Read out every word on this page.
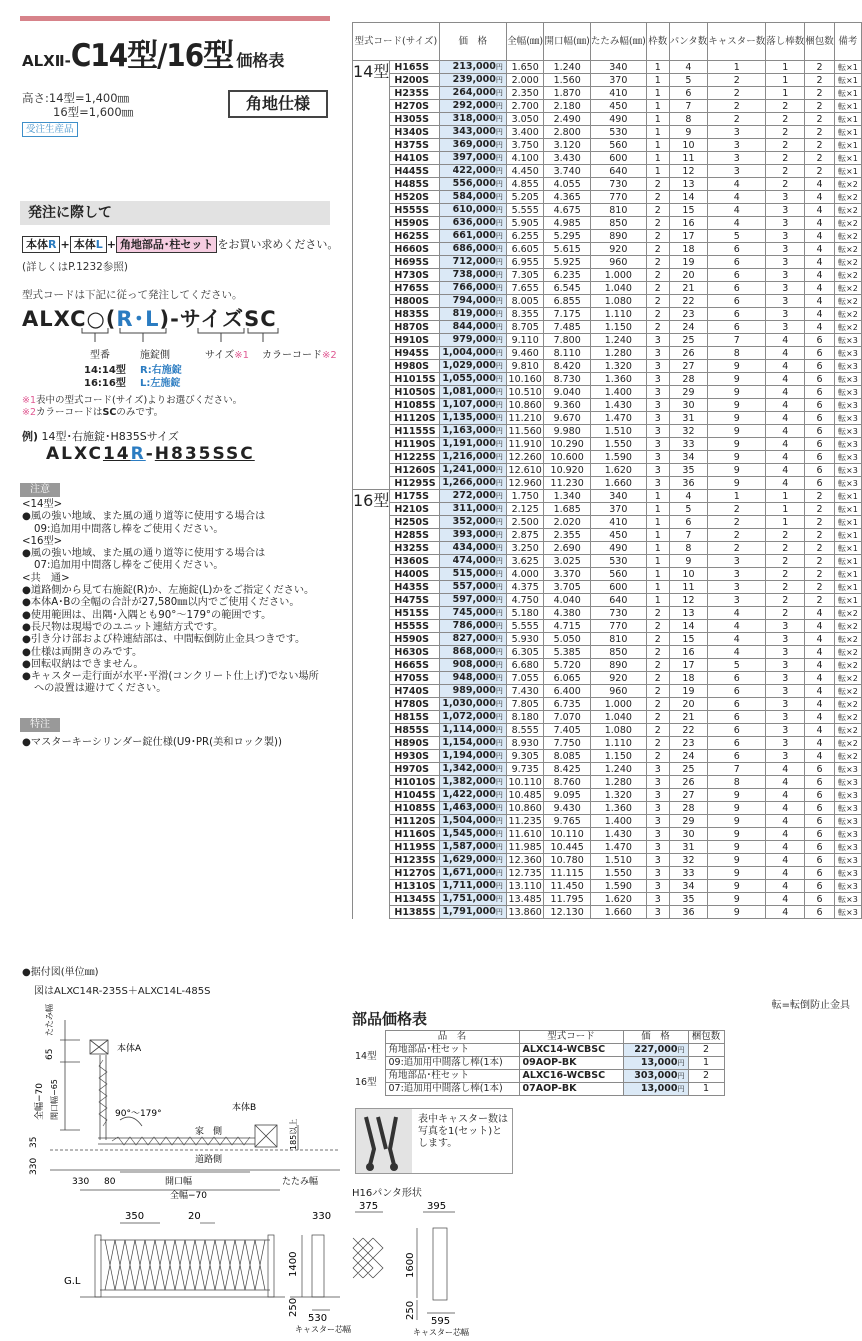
ALXⅡ-C14型/16型 価格表
高さ:14型=1,400㎜
16型=1,600㎜	角地仕様
受注生産品
発注に際して
本体R + 本体L + 角地部品･柱セット をお買い求めください。
(詳しくはP.1232参照)
型式コードは下記に従って発注してください。
ALXC○(R･L)-サイズSC
型番	施錠側	サイズ※1 カラーコード※2
14:14型
16:16型
R:右施錠
L:左施錠
※1表中の型式コード(サイズ)よりお選びください。
※2カラーコードはSCのみです。
例) 14型･右施錠･H835Sサイズ
ALXC14R-H835SSC
注意
<14型>
●風の強い地域、また風の通り道等に使用する場合は
09:追加用中間落し棒をご使用ください。
<16型>
●風の強い地域、また風の通り道等に使用する場合は
07:追加用中間落し棒をご使用ください。
<共　通>
●道路側から見て右施錠(R)か、左施錠(L)かをご指定ください。
●本体A･Bの全幅の合計が27,580㎜以内でご使用ください。
●使用範囲は、出隅･入隅とも90°〜179°の範囲です。
●長尺物は現場でのユニット連結方式です。
●引き分け部および枠連結部は、中間転倒防止金具つきです。
●仕様は両開きのみです。
●回転収納はできません。
●キャスター走行面が水平･平滑(コンクリート仕上げ)でない場所
への設置は避けてください。
特注
●マスターキーシリンダー錠仕様(U9･PR(美和ロック製))
●据付図(単位㎜)
図はALXC14R-235S＋ALXC14L-485S
本体A
本体B
90°〜179°
家　側
道路側
開口幅	たたみ幅
全幅−70
80
330
35
330
65
全幅−70 開口幅−65
たたみ幅
185以上
350	20	330
1400
250
530
キャスター芯幅
G.L
型式コード(サイズ)		価　格	全幅(㎜)	開口幅(㎜)	たたみ幅(㎜)	枠数	パンタ数	キャスター数	落し棒数	梱包数	備考
14型	H165S	213,000円	1.650	1.240	340	1	4	1	1	2	転×1
	H200S	239,000円	2.000	1.560	370	1	5	2	1	2	転×1
	H235S	264,000円	2.350	1.870	410	1	6	2	1	2	転×1
	H270S	292,000円	2.700	2.180	450	1	7	2	2	2	転×1
	H305S	318,000円	3.050	2.490	490	1	8	2	2	2	転×1
	H340S	343,000円	3.400	2.800	530	1	9	3	2	2	転×1
	H375S	369,000円	3.750	3.120	560	1	10	3	2	2	転×1
	H410S	397,000円	4.100	3.430	600	1	11	3	2	2	転×1
	H445S	422,000円	4.450	3.740	640	1	12	3	2	2	転×1
	H485S	556,000円	4.855	4.055	730	2	13	4	2	4	転×2
	H520S	584,000円	5.205	4.365	770	2	14	4	3	4	転×2
	H555S	610,000円	5.555	4.675	810	2	15	4	3	4	転×2
	H590S	636,000円	5.905	4.985	850	2	16	4	3	4	転×2
	H625S	661,000円	6.255	5.295	890	2	17	5	3	4	転×2
	H660S	686,000円	6.605	5.615	920	2	18	6	3	4	転×2
	H695S	712,000円	6.955	5.925	960	2	19	6	3	4	転×2
	H730S	738,000円	7.305	6.235	1.000	2	20	6	3	4	転×2
	H765S	766,000円	7.655	6.545	1.040	2	21	6	3	4	転×2
	H800S	794,000円	8.005	6.855	1.080	2	22	6	3	4	転×2
	H835S	819,000円	8.355	7.175	1.110	2	23	6	3	4	転×2
	H870S	844,000円	8.705	7.485	1.150	2	24	6	3	4	転×2
	H910S	979,000円	9.110	7.800	1.240	3	25	7	4	6	転×3
	H945S	1,004,000円	9.460	8.110	1.280	3	26	8	4	6	転×3
	H980S	1,029,000円	9.810	8.420	1.320	3	27	9	4	6	転×3
	H1015S	1,055,000円	10.160	8.730	1.360	3	28	9	4	6	転×3
	H1050S	1,081,000円	10.510	9.040	1.400	3	29	9	4	6	転×3
	H1085S	1,107,000円	10.860	9.360	1.430	3	30	9	4	6	転×3
	H1120S	1,135,000円	11.210	9.670	1.470	3	31	9	4	6	転×3
	H1155S	1,163,000円	11.560	9.980	1.510	3	32	9	4	6	転×3
	H1190S	1,191,000円	11.910	10.290	1.550	3	33	9	4	6	転×3
	H1225S	1,216,000円	12.260	10.600	1.590	3	34	9	4	6	転×3
	H1260S	1,241,000円	12.610	10.920	1.620	3	35	9	4	6	転×3
	H1295S	1,266,000円	12.960	11.230	1.660	3	36	9	4	6	転×3
16型	H175S	272,000円	1.750	1.340	340	1	4	1	1	2	転×1
	H210S	311,000円	2.125	1.685	370	1	5	2	1	2	転×1
	H250S	352,000円	2.500	2.020	410	1	6	2	1	2	転×1
	H285S	393,000円	2.875	2.355	450	1	7	2	2	2	転×1
	H325S	434,000円	3.250	2.690	490	1	8	2	2	2	転×1
	H360S	474,000円	3.625	3.025	530	1	9	3	2	2	転×1
	H400S	515,000円	4.000	3.370	560	1	10	3	2	2	転×1
	H435S	557,000円	4.375	3.705	600	1	11	3	2	2	転×1
	H475S	597,000円	4.750	4.040	640	1	12	3	2	2	転×1
	H515S	745,000円	5.180	4.380	730	2	13	4	2	4	転×2
	H555S	786,000円	5.555	4.715	770	2	14	4	3	4	転×2
	H590S	827,000円	5.930	5.050	810	2	15	4	3	4	転×2
	H630S	868,000円	6.305	5.385	850	2	16	4	3	4	転×2
	H665S	908,000円	6.680	5.720	890	2	17	5	3	4	転×2
	H705S	948,000円	7.055	6.065	920	2	18	6	3	4	転×2
	H740S	989,000円	7.430	6.400	960	2	19	6	3	4	転×2
	H780S	1,030,000円	7.805	6.735	1.000	2	20	6	3	4	転×2
	H815S	1,072,000円	8.180	7.070	1.040	2	21	6	3	4	転×2
	H855S	1,114,000円	8.555	7.405	1.080	2	22	6	3	4	転×2
	H890S	1,154,000円	8.930	7.750	1.110	2	23	6	3	4	転×2
	H930S	1,194,000円	9.305	8.085	1.150	2	24	6	3	4	転×2
	H970S	1,342,000円	9.735	8.425	1.240	3	25	7	4	6	転×3
	H1010S	1,382,000円	10.110	8.760	1.280	3	26	8	4	6	転×3
	H1045S	1,422,000円	10.485	9.095	1.320	3	27	9	4	6	転×3
	H1085S	1,463,000円	10.860	9.430	1.360	3	28	9	4	6	転×3
	H1120S	1,504,000円	11.235	9.765	1.400	3	29	9	4	6	転×3
	H1160S	1,545,000円	11.610	10.110	1.430	3	30	9	4	6	転×3
	H1195S	1,587,000円	11.985	10.445	1.470	3	31	9	4	6	転×3
	H1235S	1,629,000円	12.360	10.780	1.510	3	32	9	4	6	転×3
	H1270S	1,671,000円	12.735	11.115	1.550	3	33	9	4	6	転×3
	H1310S	1,711,000円	13.110	11.450	1.590	3	34	9	4	6	転×3
	H1345S	1,751,000円	13.485	11.795	1.620	3	35	9	4	6	転×3
	H1385S	1,791,000円	13.860	12.130	1.660	3	36	9	4	6	転×3
転=転倒防止金具
部品価格表
	品　名	型式コード	価　格	梱包数
14型	角地部品･柱セット	ALXC14-WCBSC	227,000円	2
	09:追加用中間落し棒(1本)	09AOP-BK	13,000円	1
16型	角地部品･柱セット	ALXC16-WCBSC	303,000円	2
	07:追加用中間落し棒(1本)	07AOP-BK	13,000円	1
表中キャスター数は
写真を1(セット)と
します。
H16パンタ形状
375	395
1600
250
595
キャスター芯幅
